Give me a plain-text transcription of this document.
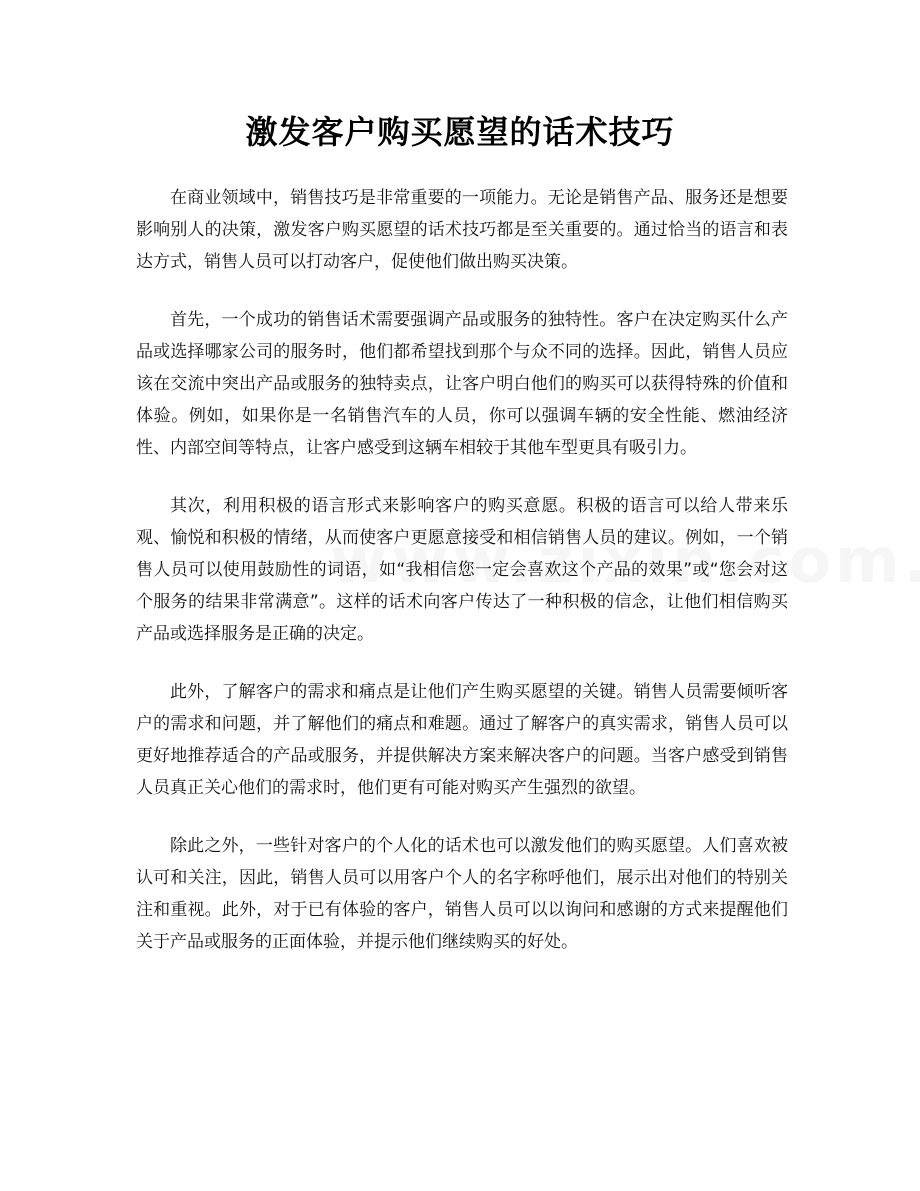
激发客户购买愿望的话术技巧

在商业领域中，销售技巧是非常重要的一项能力。无论是销售产品、服务还是想要影响别人的决策，激发客户购买愿望的话术技巧都是至关重要的。通过恰当的语言和表达方式，销售人员可以打动客户，促使他们做出购买决策。

首先，一个成功的销售话术需要强调产品或服务的独特性。客户在决定购买什么产品或选择哪家公司的服务时，他们都希望找到那个与众不同的选择。因此，销售人员应该在交流中突出产品或服务的独特卖点，让客户明白他们的购买可以获得特殊的价值和体验。例如，如果你是一名销售汽车的人员，你可以强调车辆的安全性能、燃油经济性、内部空间等特点，让客户感受到这辆车相较于其他车型更具有吸引力。

其次，利用积极的语言形式来影响客户的购买意愿。积极的语言可以给人带来乐观、愉悦和积极的情绪，从而使客户更愿意接受和相信销售人员的建议。例如，一个销售人员可以使用鼓励性的词语，如“我相信您一定会喜欢这个产品的效果”或“您会对这个服务的结果非常满意”。这样的话术向客户传达了一种积极的信念，让他们相信购买产品或选择服务是正确的决定。

此外，了解客户的需求和痛点是让他们产生购买愿望的关键。销售人员需要倾听客户的需求和问题，并了解他们的痛点和难题。通过了解客户的真实需求，销售人员可以更好地推荐适合的产品或服务，并提供解决方案来解决客户的问题。当客户感受到销售人员真正关心他们的需求时，他们更有可能对购买产生强烈的欲望。

除此之外，一些针对客户的个人化的话术也可以激发他们的购买愿望。人们喜欢被认可和关注，因此，销售人员可以用客户个人的名字称呼他们，展示出对他们的特别关注和重视。此外，对于已有体验的客户，销售人员可以以询问和感谢的方式来提醒他们关于产品或服务的正面体验，并提示他们继续购买的好处。
